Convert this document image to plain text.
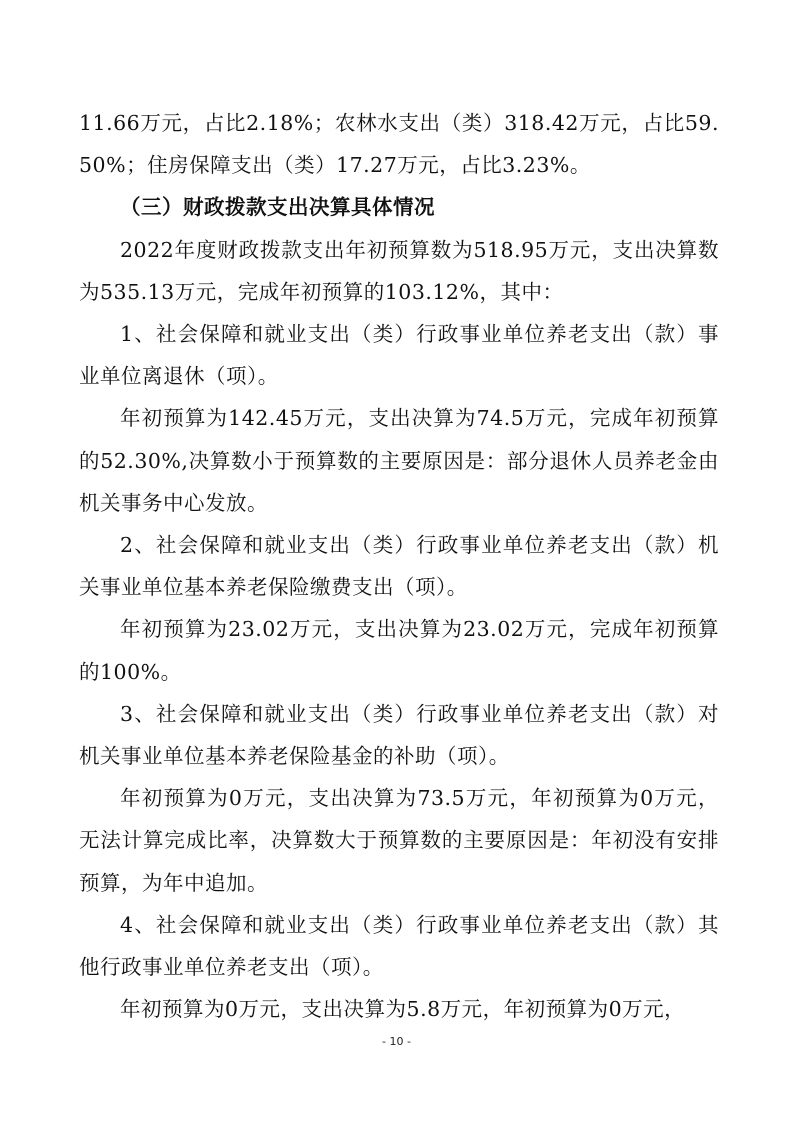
11.66万元，占比2.18%；农林水支出（类）318.42万元，占比59.50%；住房保障支出（类）17.27万元，占比3.23%。

（三）财政拨款支出决算具体情况

2022年度财政拨款支出年初预算数为518.95万元，支出决算数为535.13万元，完成年初预算的103.12%，其中：

1、社会保障和就业支出（类）行政事业单位养老支出（款）事业单位离退休（项）。

年初预算为142.45万元，支出决算为74.5万元，完成年初预算的52.30%,决算数小于预算数的主要原因是：部分退休人员养老金由机关事务中心发放。

2、社会保障和就业支出（类）行政事业单位养老支出（款）机关事业单位基本养老保险缴费支出（项）。

年初预算为23.02万元，支出决算为23.02万元，完成年初预算的100%。

3、社会保障和就业支出（类）行政事业单位养老支出（款）对机关事业单位基本养老保险基金的补助（项）。

年初预算为0万元，支出决算为73.5万元，年初预算为0万元，无法计算完成比率，决算数大于预算数的主要原因是：年初没有安排预算，为年中追加。

4、社会保障和就业支出（类）行政事业单位养老支出（款）其他行政事业单位养老支出（项）。

年初预算为0万元，支出决算为5.8万元，年初预算为0万元，

- 10 -
